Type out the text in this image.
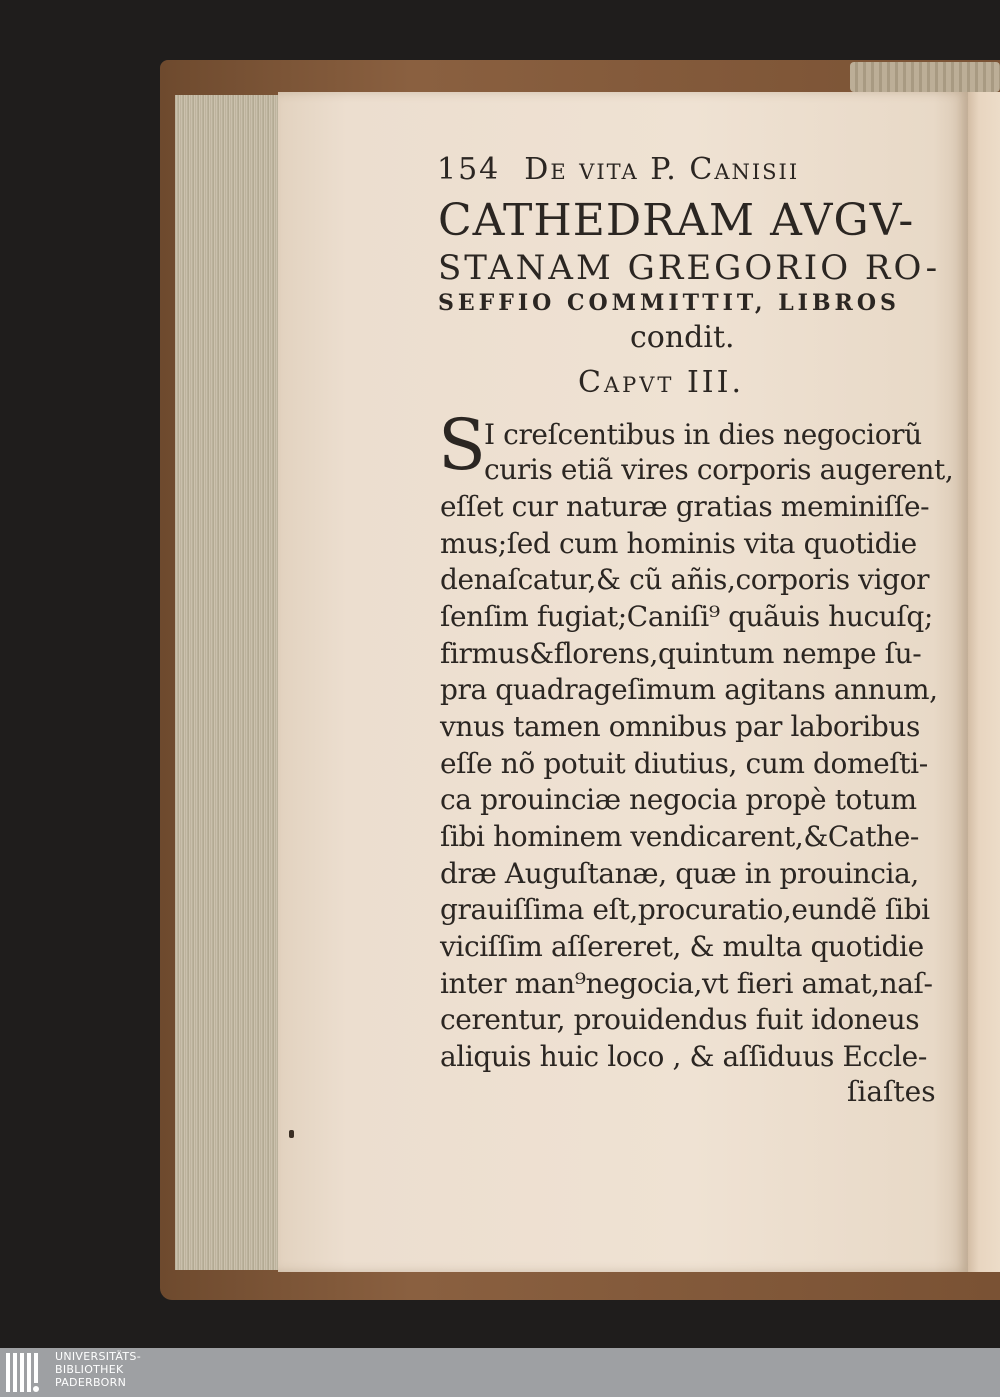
154 De vita P. Canisii
CATHEDRAM AVGV-
STANAM GREGORIO RO-
SEFFIO COMMITTIT, LIBROS
condit.
Capvt III.
S
I creſcentibus in dies negociorũ
curis etiã vires corporis augerent,
eſſet cur naturæ gratias meminiſſe-
mus;ſed cum hominis vita quotidie
denaſcatur,& cũ añis,corporis vigor
ſenſim fugiat;Caniſi⁹ quãuis hucuſq;
firmus&florens,quintum nempe ſu-
pra quadrageſimum agitans annum,
vnus tamen omnibus par laboribus
eſſe nõ potuit diutius, cum domeſti-
ca prouinciæ negocia propè totum
ſibi hominem vendicarent,&Cathe-
dræ Auguſtanæ, quæ in prouincia,
grauiſſima eſt,procuratio,eundẽ ſibi
viciſſim aſſereret, & multa quotidie
inter man⁹negocia,vt fieri amat,naſ-
cerentur, prouidendus fuit idoneus
aliquis huic loco , & aſſiduus Eccle-
ſiaſtes
UNIVERSITÄTS-
BIBLIOTHEK
PADERBORN
